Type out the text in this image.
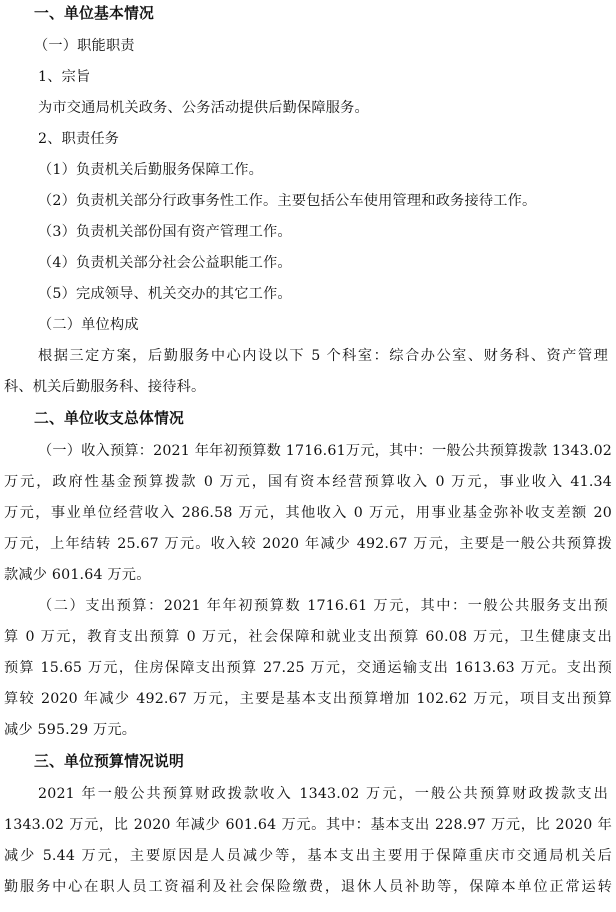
一、单位基本情况
（一）职能职责
1、宗旨
为市交通局机关政务、公务活动提供后勤保障服务。
2、职责任务
（1）负责机关后勤服务保障工作。
（2）负责机关部分行政事务性工作。主要包括公车使用管理和政务接待工作。
（3）负责机关部份国有资产管理工作。
（4）负责机关部分社会公益职能工作。
（5）完成领导、机关交办的其它工作。
（二）单位构成
根据三定方案，后勤服务中心内设以下 5 个科室：综合办公室、财务科、资产管理
科、机关后勤服务科、接待科。
二、单位收支总体情况
（一）收入预算：2021 年年初预算数 1716.61万元，其中：一般公共预算拨款 1343.02
万元，政府性基金预算拨款 0 万元，国有资本经营预算收入 0 万元，事业收入 41.34
万元，事业单位经营收入 286.58 万元，其他收入 0 万元，用事业基金弥补收支差额 20
万元，上年结转 25.67 万元。收入较 2020 年减少 492.67 万元，主要是一般公共预算拨
款减少 601.64 万元。
（二）支出预算：2021 年年初预算数 1716.61 万元，其中：一般公共服务支出预
算 0 万元，教育支出预算 0 万元，社会保障和就业支出预算 60.08 万元，卫生健康支出
预算 15.65 万元，住房保障支出预算 27.25 万元，交通运输支出 1613.63 万元。支出预
算较 2020 年减少 492.67 万元，主要是基本支出预算增加 102.62 万元，项目支出预算
减少 595.29 万元。
三、单位预算情况说明
2021 年一般公共预算财政拨款收入 1343.02 万元，一般公共预算财政拨款支出
1343.02 万元，比 2020 年减少 601.64 万元。其中：基本支出 228.97 万元，比 2020 年
减少 5.44 万元，主要原因是人员减少等，基本支出主要用于保障重庆市交通局机关后
勤服务中心在职人员工资福利及社会保险缴费，退休人员补助等，保障本单位正常运转
